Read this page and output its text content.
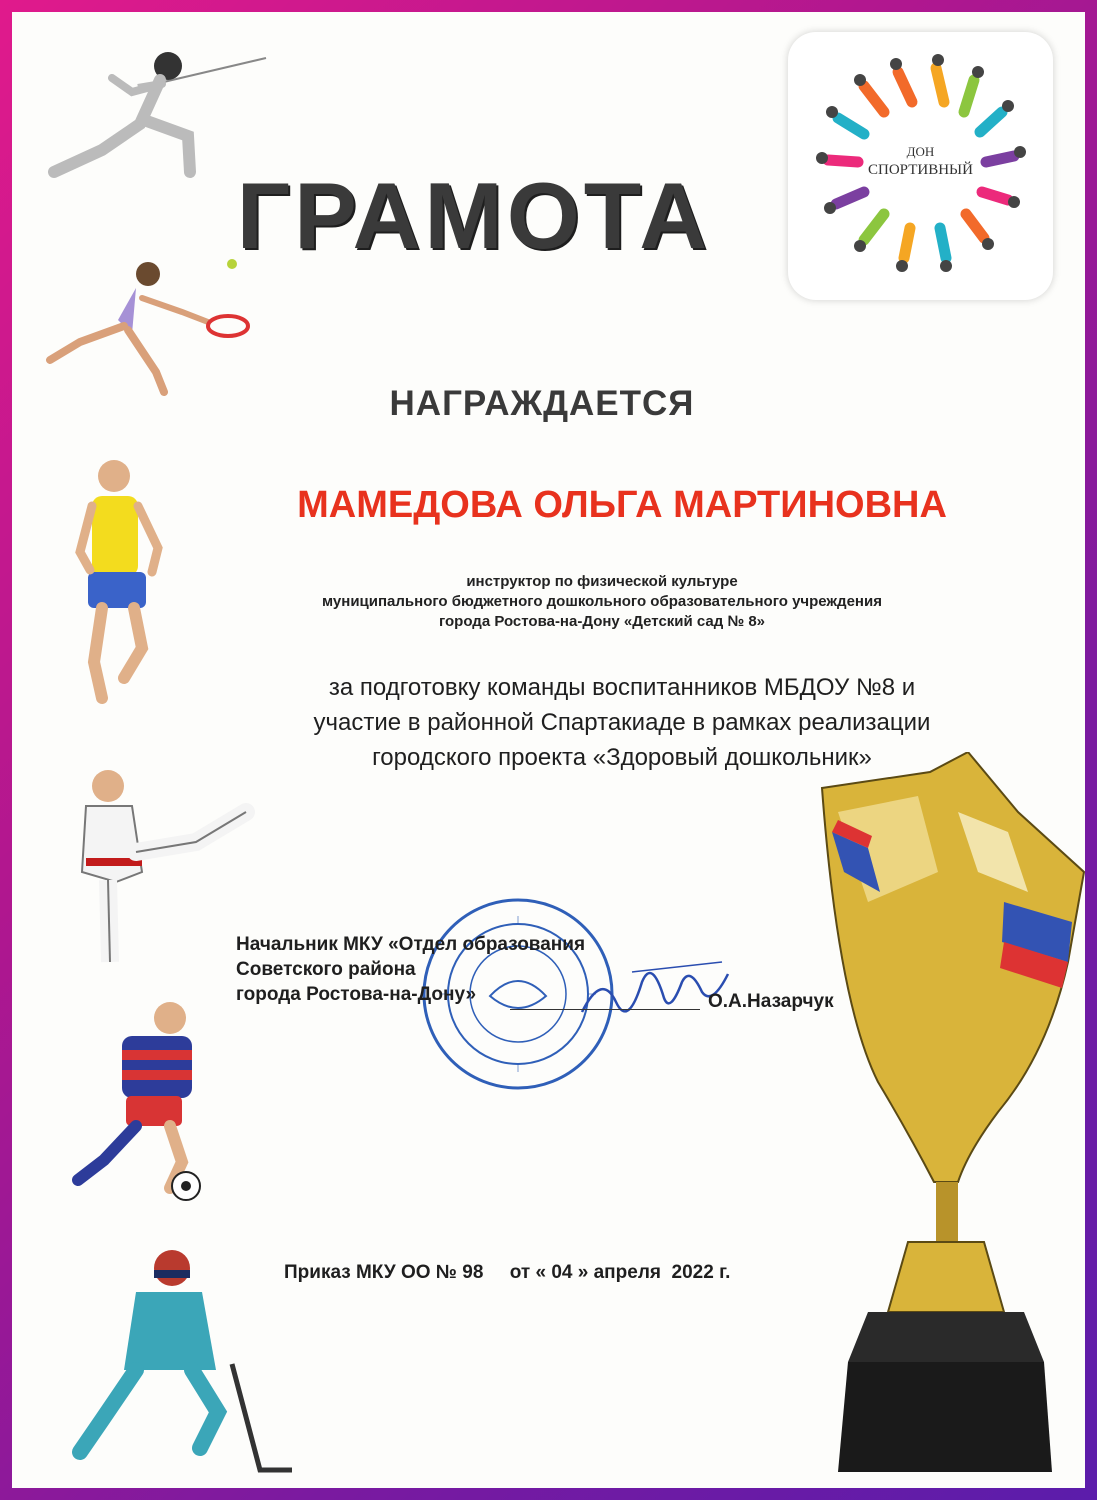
ДОН
СПОРТИВНЫЙ
ГРАМОТА
НАГРАЖДАЕТСЯ
МАМЕДОВА ОЛЬГА МАРТИНОВНА
инструктор по физической культуре
муниципального бюджетного дошкольного образовательного учреждения
города Ростова-на-Дону «Детский сад № 8»
за подготовку команды воспитанников МБДОУ №8 и
участие в районной Спартакиаде в рамках реализации
городского проекта «Здоровый дошкольник»
Начальник МКУ «Отдел образования
Советского района
города Ростова-на-Дону»	О.А.Назарчук
Приказ МКУ ОО № 98     от « 04 » апреля  2022 г.
